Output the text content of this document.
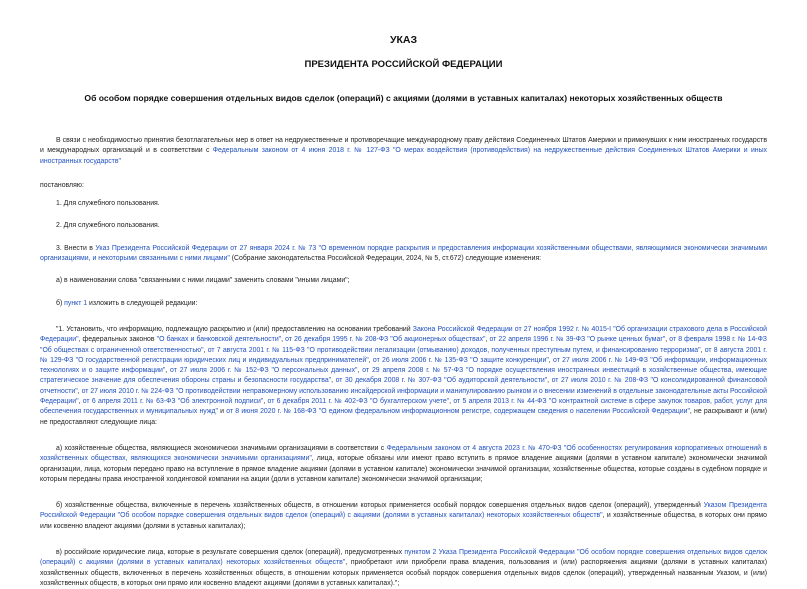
УКАЗ
ПРЕЗИДЕНТА РОССИЙСКОЙ ФЕДЕРАЦИИ
Об особом порядке совершения отдельных видов сделок (операций) с акциями (долями в уставных капиталах) некоторых хозяйственных обществ

В связи с необходимостью принятия безотлагательных мер в ответ на недружественные и противоречащие международному праву действия Соединенных Штатов Америки и примкнувших к ним иностранных государств и международных организаций и в соответствии с Федеральным законом от 4 июня 2018 г. № 127-ФЗ "О мерах воздействия (противодействия) на недружественные действия Соединенных Штатов Америки и иных иностранных государств"

постановляю:

1. Для служебного пользования.

2. Для служебного пользования.

3. Внести в Указ Президента Российской Федерации от 27 января 2024 г. № 73 "О временном порядке раскрытия и предоставления информации хозяйственными обществами, являющимися экономически значимыми организациями, и некоторыми связанными с ними лицами" (Собрание законодательства Российской Федерации, 2024, № 5, ст.672) следующие изменения:

а) в наименовании слова "связанными с ними лицами" заменить словами "иными лицами";

б) пункт 1 изложить в следующей редакции:

"1. Установить, что информацию, подлежащую раскрытию и (или) предоставлению на основании требований Закона Российской Федерации от 27 ноября 1992 г. № 4015-I "Об организации страхового дела в Российской Федерации", федеральных законов "О банках и банковской деятельности", от 26 декабря 1995 г. № 208-ФЗ "Об акционерных обществах", от 22 апреля 1996 г. № 39-ФЗ "О рынке ценных бумаг", от 8 февраля 1998 г. № 14-ФЗ "Об обществах с ограниченной ответственностью", от 7 августа 2001 г. № 115-ФЗ "О противодействии легализации (отмыванию) доходов, полученных преступным путем, и финансированию терроризма", от 8 августа 2001 г. № 129-ФЗ "О государственной регистрации юридических лиц и индивидуальных предпринимателей", от 26 июля 2006 г. № 135-ФЗ "О защите конкуренции", от 27 июля 2006 г. № 149-ФЗ "Об информации, информационных технологиях и о защите информации", от 27 июля 2006 г. № 152-ФЗ "О персональных данных", от 29 апреля 2008 г. № 57-ФЗ "О порядке осуществления иностранных инвестиций в хозяйственные общества, имеющие стратегическое значение для обеспечения обороны страны и безопасности государства", от 30 декабря 2008 г. № 307-ФЗ "Об аудиторской деятельности", от 27 июля 2010 г. № 208-ФЗ "О консолидированной финансовой отчетности", от 27 июля 2010 г. № 224-ФЗ "О противодействии неправомерному использованию инсайдерской информации и манипулированию рынком и о внесении изменений в отдельные законодательные акты Российской Федерации", от 6 апреля 2011 г. № 63-ФЗ "Об электронной подписи", от 6 декабря 2011 г. № 402-ФЗ "О бухгалтерском учете", от 5 апреля 2013 г. № 44-ФЗ "О контрактной системе в сфере закупок товаров, работ, услуг для обеспечения государственных и муниципальных нужд" и от 8 июня 2020 г. № 168-ФЗ "О едином федеральном информационном регистре, содержащем сведения о населении Российской Федерации", не раскрывают и (или) не предоставляют следующие лица:

а) хозяйственные общества, являющиеся экономически значимыми организациями в соответствии с Федеральным законом от 4 августа 2023 г. № 470-ФЗ "Об особенностях регулирования корпоративных отношений в хозяйственных обществах, являющихся экономически значимыми организациями", лица, которые обязаны или имеют право вступить в прямое владение акциями (долями в уставном капитале) экономически значимой организации, лица, которым передано право на вступление в прямое владение акциями (долями в уставном капитале) экономически значимой организации, хозяйственные общества, которые созданы в судебном порядке и которым переданы права иностранной холдинговой компании на акции (доли в уставном капитале) экономически значимой организации;

б) хозяйственные общества, включенные в перечень хозяйственных обществ, в отношении которых применяется особый порядок совершения отдельных видов сделок (операций), утвержденный Указом Президента Российской Федерации "Об особом порядке совершения отдельных видов сделок (операций) с акциями (долями в уставных капиталах) некоторых хозяйственных обществ", и хозяйственные общества, в которых они прямо или косвенно владеют акциями (долями в уставных капиталах);

в) российские юридические лица, которые в результате совершения сделок (операций), предусмотренных пунктом 2 Указа Президента Российской Федерации "Об особом порядке совершения отдельных видов сделок (операций) с акциями (долями в уставных капиталах) некоторых хозяйственных обществ", приобретают или приобрели права владения, пользования и (или) распоряжения акциями (долями в уставных капиталах) хозяйственных обществ, включенных в перечень хозяйственных обществ, в отношении которых применяется особый порядок совершения отдельных видов сделок (операций), утвержденный названным Указом, и (или) хозяйственных обществ, в которых они прямо или косвенно владеют акциями (долями в уставных капиталах).";
